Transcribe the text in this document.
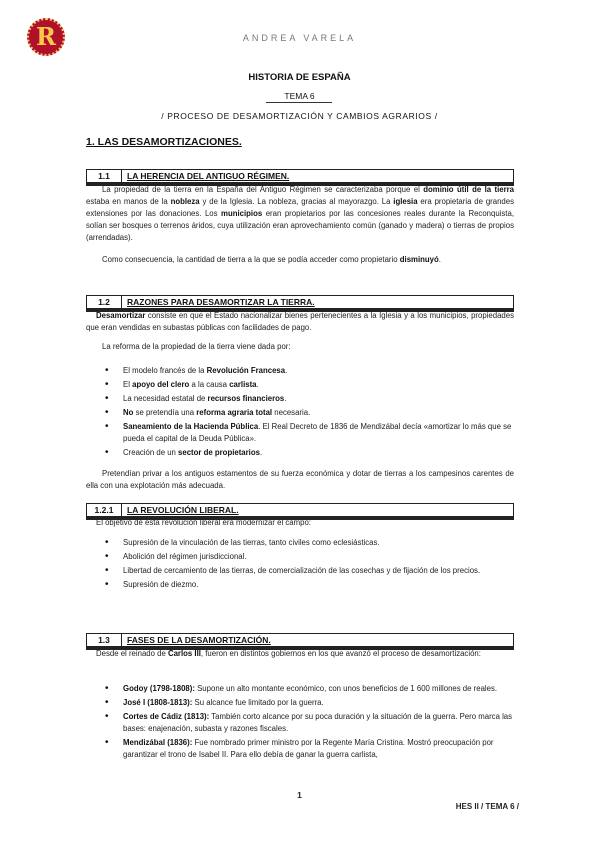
R	ANDREA VARELA
HISTORIA DE ESPAÑA
TEMA 6
/ PROCESO DE DESAMORTIZACIÓN Y CAMBIOS AGRARIOS /
1. LAS DESAMORTIZACIONES.
1.1	LA HERENCIA DEL ANTIGUO RÉGIMEN.
La propiedad de la tierra en la España del Antiguo Régimen se caracterizaba porque el dominio útil de la tierra estaba en manos de la nobleza y de la Iglesia. La nobleza, gracias al mayorazgo. La iglesia era propietaria de grandes extensiones por las donaciones. Los municipios eran propietarios por las concesiones reales durante la Reconquista, solían ser bosques o terrenos áridos, cuya utilización eran aprovechamiento común (ganado y madera) o tierras de propios (arrendadas).
Como consecuencia, la cantidad de tierra a la que se podía acceder como propietario disminuyó.
1.2	RAZONES PARA DESAMORTIZAR LA TIERRA.
Desamortizar consiste en que el Estado nacionalizar bienes pertenecientes a la Iglesia y a los municipios, propiedades que eran vendidas en subastas públicas con facilidades de pago.
La reforma de la propiedad de la tierra viene dada por:
• El modelo francés de la Revolución Francesa.
• El apoyo del clero a la causa carlista.
• La necesidad estatal de recursos financieros.
• No se pretendía una reforma agraria total necesaria.
• Saneamiento de la Hacienda Pública. El Real Decreto de 1836 de Mendizábal decía «amortizar lo más que se pueda el capital de la Deuda Pública».
• Creación de un sector de propietarios.
Pretendían privar a los antiguos estamentos de su fuerza económica y dotar de tierras a los campesinos carentes de ella con una explotación más adecuada.
1.2.1	LA REVOLUCIÓN LIBERAL.
El objetivo de esta revolución liberal era modernizar el campo:
• Supresión de la vinculación de las tierras, tanto civiles como eclesiásticas.
• Abolición del régimen jurisdiccional.
• Libertad de cercamiento de las tierras, de comercialización de las cosechas y de fijación de los precios.
• Supresión de diezmo.
1.3	FASES DE LA DESAMORTIZACIÓN.
Desde el reinado de Carlos III, fueron en distintos gobiernos en los que avanzó el proceso de desamortización:
• Godoy (1798-1808): Supone un alto montante económico, con unos beneficios de 1 600 millones de reales.
• José I (1808-1813): Su alcance fue limitado por la guerra.
• Cortes de Cádiz (1813): También corto alcance por su poca duración y la situación de la guerra. Pero marca las bases: enajenación, subasta y razones fiscales.
• Mendizábal (1836): Fue nombrado primer ministro por la Regente María Cristina. Mostró preocupación por garantizar el trono de Isabel II. Para ello debía de ganar la guerra carlista,
1
HES II / TEMA 6 /
